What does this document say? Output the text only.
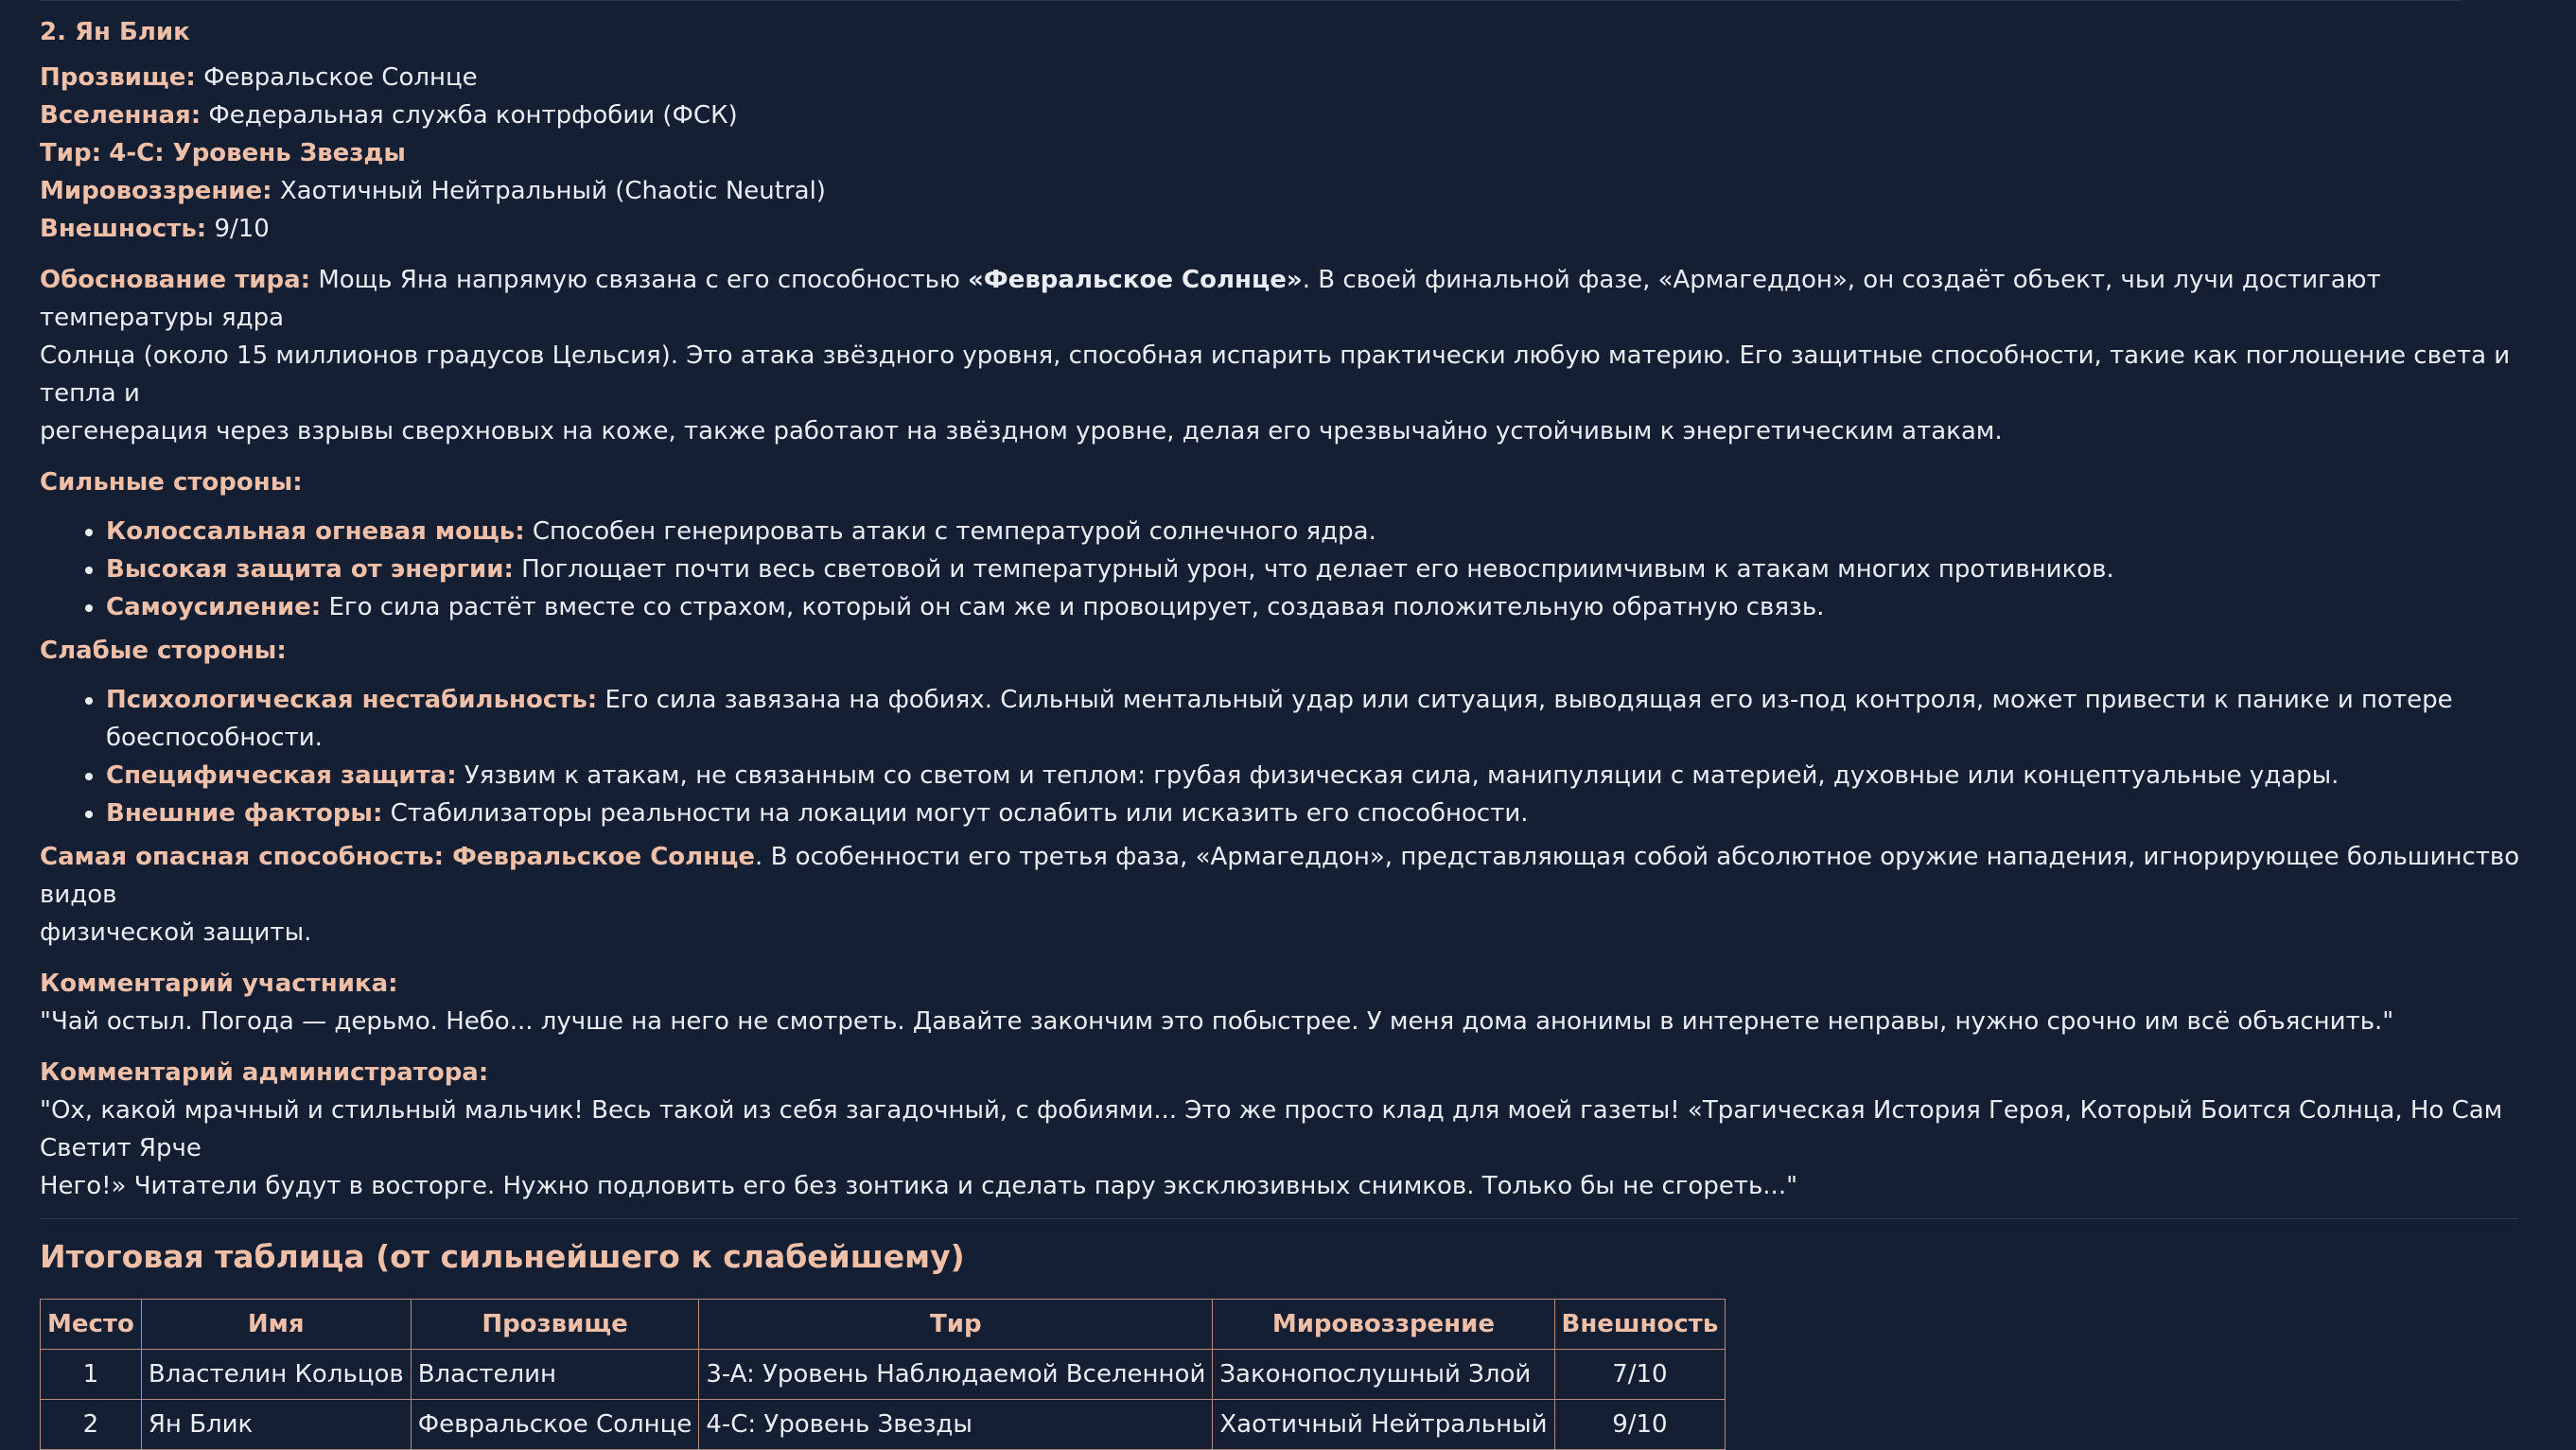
2. Ян Блик

Прозвище: Февральское Солнце

Вселенная: Федеральная служба контрфобии (ФСК)

Тир: 4-C: Уровень Звезды

Мировоззрение: Хаотичный Нейтральный (Chaotic Neutral)

Внешность: 9/10

Обоснование тира: Мощь Яна напрямую связана с его способностью «Февральское Солнце». В своей финальной фазе, «Армагеддон», он создаёт объект, чьи лучи достигают температуры ядра

Солнца (около 15 миллионов градусов Цельсия). Это атака звёздного уровня, способная испарить практически любую материю. Его защитные способности, такие как поглощение света и тепла и

регенерация через взрывы сверхновых на коже, также работают на звёздном уровне, делая его чрезвычайно устойчивым к энергетическим атакам.

Сильные стороны:

• Колоссальная огневая мощь: Способен генерировать атаки с температурой солнечного ядра.
• Высокая защита от энергии: Поглощает почти весь световой и температурный урон, что делает его невосприимчивым к атакам многих противников.
• Самоусиление: Его сила растёт вместе со страхом, который он сам же и провоцирует, создавая положительную обратную связь.

Слабые стороны:

• Психологическая нестабильность: Его сила завязана на фобиях. Сильный ментальный удар или ситуация, выводящая его из-под контроля, может привести к панике и потере боеспособности.
• Специфическая защита: Уязвим к атакам, не связанным со светом и теплом: грубая физическая сила, манипуляции с материей, духовные или концептуальные удары.
• Внешние факторы: Стабилизаторы реальности на локации могут ослабить или исказить его способности.

Самая опасная способность: Февральское Солнце. В особенности его третья фаза, «Армагеддон», представляющая собой абсолютное оружие нападения, игнорирующее большинство видов

физической защиты.

Комментарий участника:

"Чай остыл. Погода — дерьмо. Небо... лучше на него не смотреть. Давайте закончим это побыстрее. У меня дома анонимы в интернете неправы, нужно срочно им всё объяснить."

Комментарий администратора:

"Ох, какой мрачный и стильный мальчик! Весь такой из себя загадочный, с фобиями... Это же просто клад для моей газеты! «Трагическая История Героя, Который Боится Солнца, Но Сам Светит Ярче

Него!» Читатели будут в восторге. Нужно подловить его без зонтика и сделать пару эксклюзивных снимков. Только бы не сгореть..."

Итоговая таблица (от сильнейшего к слабейшему)
Место	Имя	Прозвище	Тир	Мировоззрение	Внешность
1	Властелин Кольцов	Властелин	3-A: Уровень Наблюдаемой Вселенной	Законопослушный Злой	7/10
2	Ян Блик	Февральское Солнце	4-C: Уровень Звезды	Хаотичный Нейтральный	9/10
